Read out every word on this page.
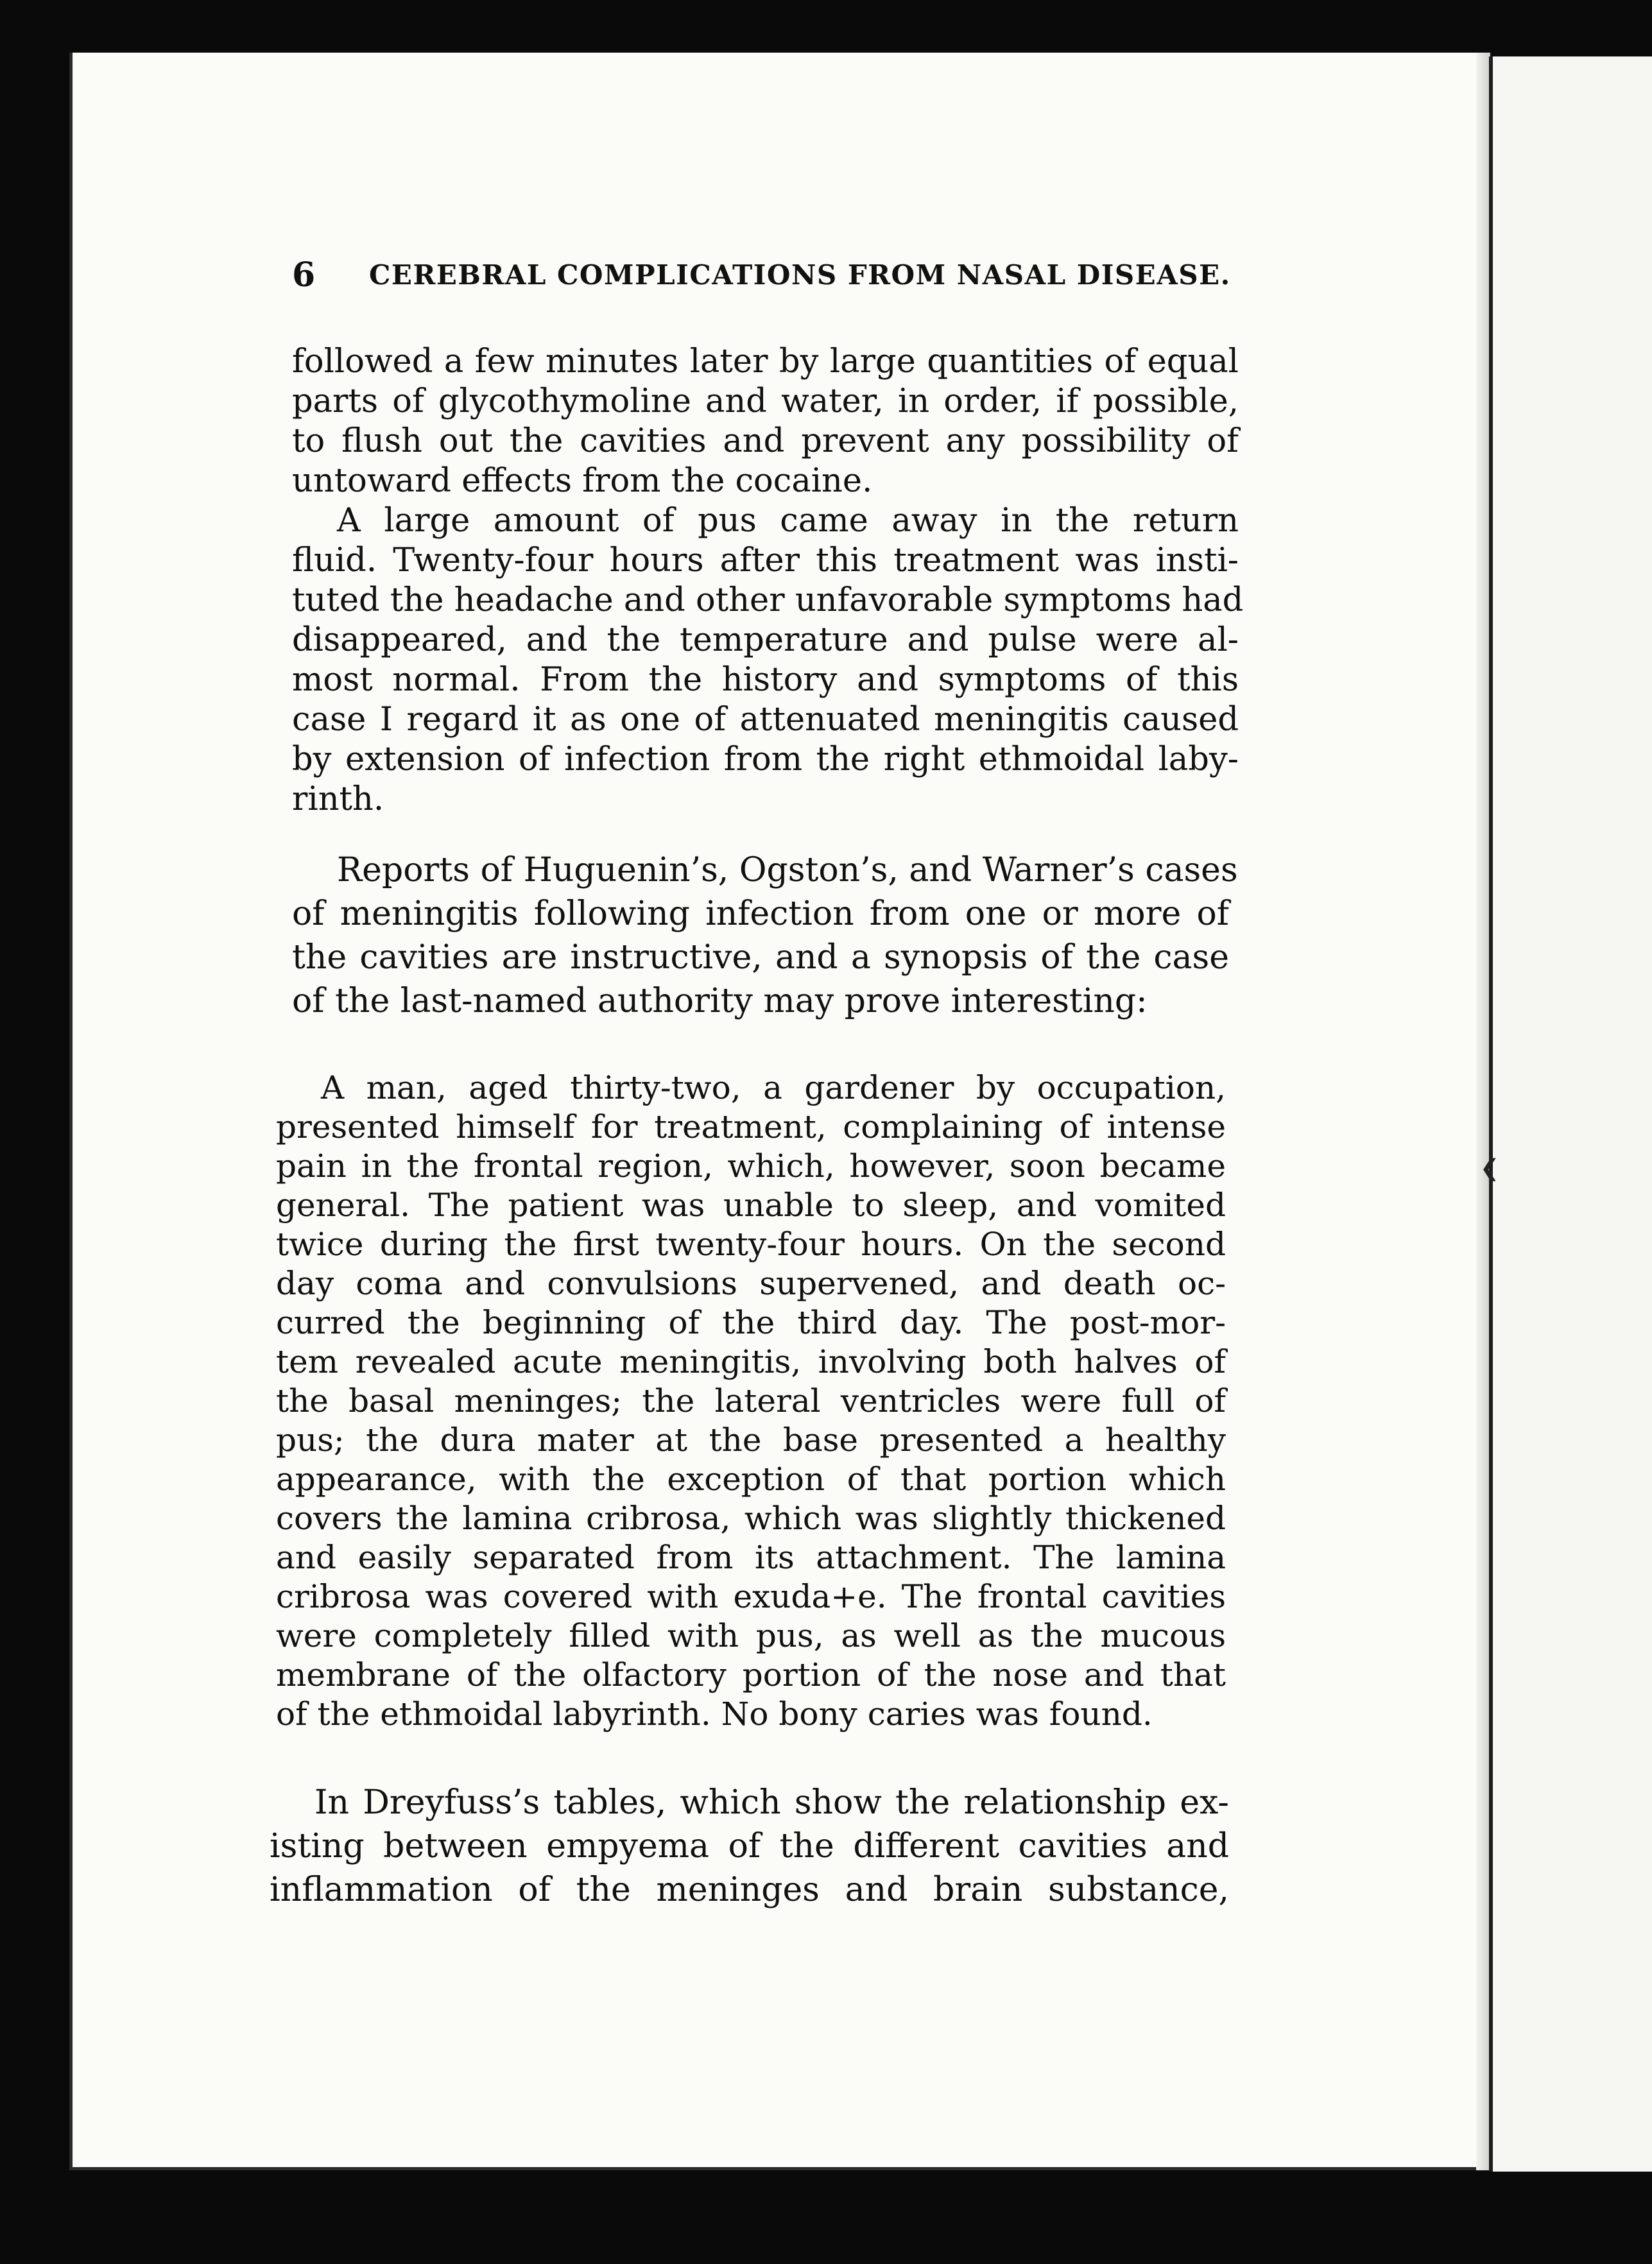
❮
6 CEREBRAL COMPLICATIONS FROM NASAL DISEASE.

followed a few minutes later by large quantities of equal
parts of glycothymoline and water, in order, if possible,
to flush out the cavities and prevent any possibility of
untoward effects from the cocaine.

A large amount of pus came away in the return
fluid. Twenty-four hours after this treatment was insti-
tuted the headache and other unfavorable symptoms had
disappeared, and the temperature and pulse were al-
most normal. From the history and symptoms of this
case I regard it as one of attenuated meningitis caused
by extension of infection from the right ethmoidal laby-
rinth.

Reports of Huguenin’s, Ogston’s, and Warner’s cases
of meningitis following infection from one or more of
the cavities are instructive, and a synopsis of the case
of the last-named authority may prove interesting:

A man, aged thirty-two, a gardener by occupation,
presented himself for treatment, complaining of intense
pain in the frontal region, which, however, soon became
general. The patient was unable to sleep, and vomited
twice during the first twenty-four hours. On the second
day coma and convulsions supervened, and death oc-
curred the beginning of the third day. The post-mor-
tem revealed acute meningitis, involving both halves of
the basal meninges; the lateral ventricles were full of
pus; the dura mater at the base presented a healthy
appearance, with the exception of that portion which
covers the lamina cribrosa, which was slightly thickened
and easily separated from its attachment. The lamina
cribrosa was covered with exuda+e. The frontal cavities
were completely filled with pus, as well as the mucous
membrane of the olfactory portion of the nose and that
of the ethmoidal labyrinth. No bony caries was found.

In Dreyfuss’s tables, which show the relationship ex-
isting between empyema of the different cavities and
inflammation of the meninges and brain substance,
